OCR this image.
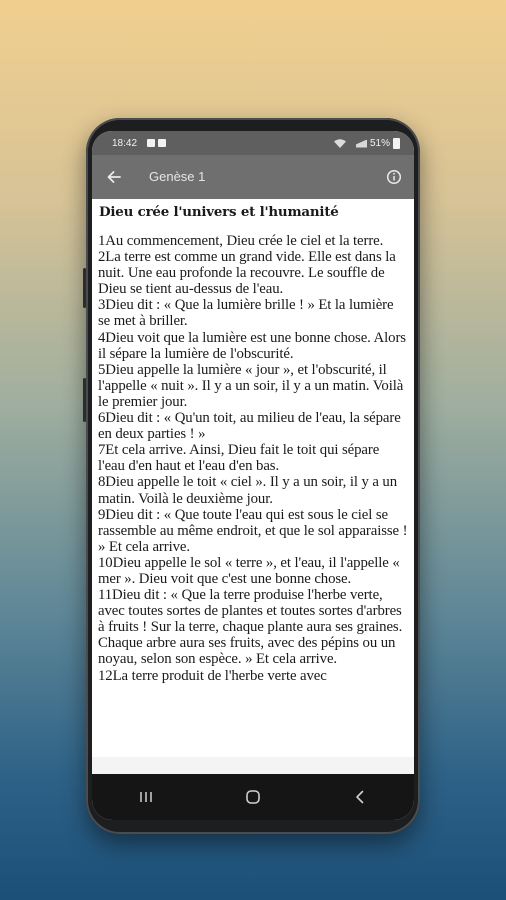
18:42	51%
Genèse 1
Dieu crée l'univers et l'humanité
1Au commencement, Dieu crée le ciel et la terre.
2La terre est comme un grand vide. Elle est dans la nuit. Une eau profonde la recouvre. Le souffle de Dieu se tient au-dessus de l'eau.
3Dieu dit : « Que la lumière brille ! » Et la lumière se met à briller.
4Dieu voit que la lumière est une bonne chose. Alors il sépare la lumière de l'obscurité.
5Dieu appelle la lumière « jour », et l'obscurité, il l'appelle « nuit ». Il y a un soir, il y a un matin. Voilà le premier jour.
6Dieu dit : « Qu'un toit, au milieu de l'eau, la sépare en deux parties ! »
7Et cela arrive. Ainsi, Dieu fait le toit qui sépare l'eau d'en haut et l'eau d'en bas.
8Dieu appelle le toit « ciel ». Il y a un soir, il y a un matin. Voilà le deuxième jour.
9Dieu dit : « Que toute l'eau qui est sous le ciel se rassemble au même endroit, et que le sol apparaisse ! » Et cela arrive.
10Dieu appelle le sol « terre », et l'eau, il l'appelle « mer ». Dieu voit que c'est une bonne chose.
11Dieu dit : « Que la terre produise l'herbe verte, avec toutes sortes de plantes et toutes sortes d'arbres à fruits ! Sur la terre, chaque plante aura ses graines. Chaque arbre aura ses fruits, avec des pépins ou un noyau, selon son espèce. » Et cela arrive.
12La terre produit de l'herbe verte avec
